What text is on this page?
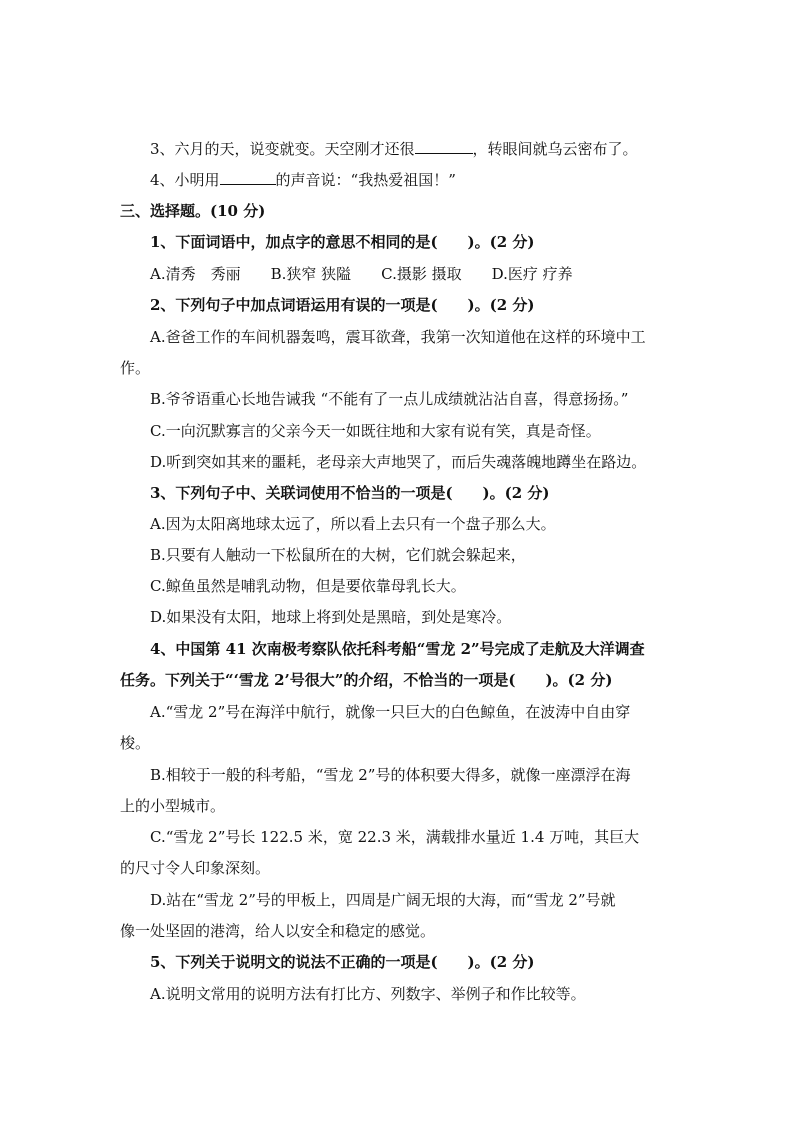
3、六月的天，说变就变。天空刚才还很	，转眼间就乌云密布了。
4、小明用	的声音说：“我热爱祖国！”
三、选择题。(10 分)
1、下面词语中，加点字的意思不相同的是(　　)。(2 分)
A.清秀　秀丽　　B.狭窄 狭隘　　C.摄影 摄取　　D.医疗 疗养
2、下列句子中加点词语运用有误的一项是(　　)。(2 分)
A.爸爸工作的车间机器轰鸣，震耳欲聋，我第一次知道他在这样的环境中工
作。
B.爷爷语重心长地告诫我 “不能有了一点儿成绩就沾沾自喜，得意扬扬。”
C.一向沉默寡言的父亲今天一如既往地和大家有说有笑，真是奇怪。
D.听到突如其来的噩耗，老母亲大声地哭了，而后失魂落魄地蹲坐在路边。
3、下列句子中、关联词使用不恰当的一项是(　　)。(2 分)
A.因为太阳离地球太远了，所以看上去只有一个盘子那么大。
B.只要有人触动一下松鼠所在的大树，它们就会躲起来，
C.鲸鱼虽然是哺乳动物，但是要依靠母乳长大。
D.如果没有太阳，地球上将到处是黑暗，到处是寒冷。
4、中国第 41 次南极考察队依托科考船“雪龙 2”号完成了走航及大洋调查
任务。下列关于“‘雪龙 2’号很大”的介绍，不恰当的一项是(　　)。(2 分)
A.“雪龙 2”号在海洋中航行，就像一只巨大的白色鲸鱼，在波涛中自由穿
梭。
B.相较于一般的科考船，“雪龙 2”号的体积要大得多，就像一座漂浮在海
上的小型城市。
C.“雪龙 2”号长 122.5 米，宽 22.3 米，满载排水量近 1.4 万吨，其巨大
的尺寸令人印象深刻。
D.站在“雪龙 2”号的甲板上，四周是广阔无垠的大海，而“雪龙 2”号就
像一处坚固的港湾，给人以安全和稳定的感觉。
5、下列关于说明文的说法不正确的一项是(　　)。(2 分)
A.说明文常用的说明方法有打比方、列数字、举例子和作比较等。
